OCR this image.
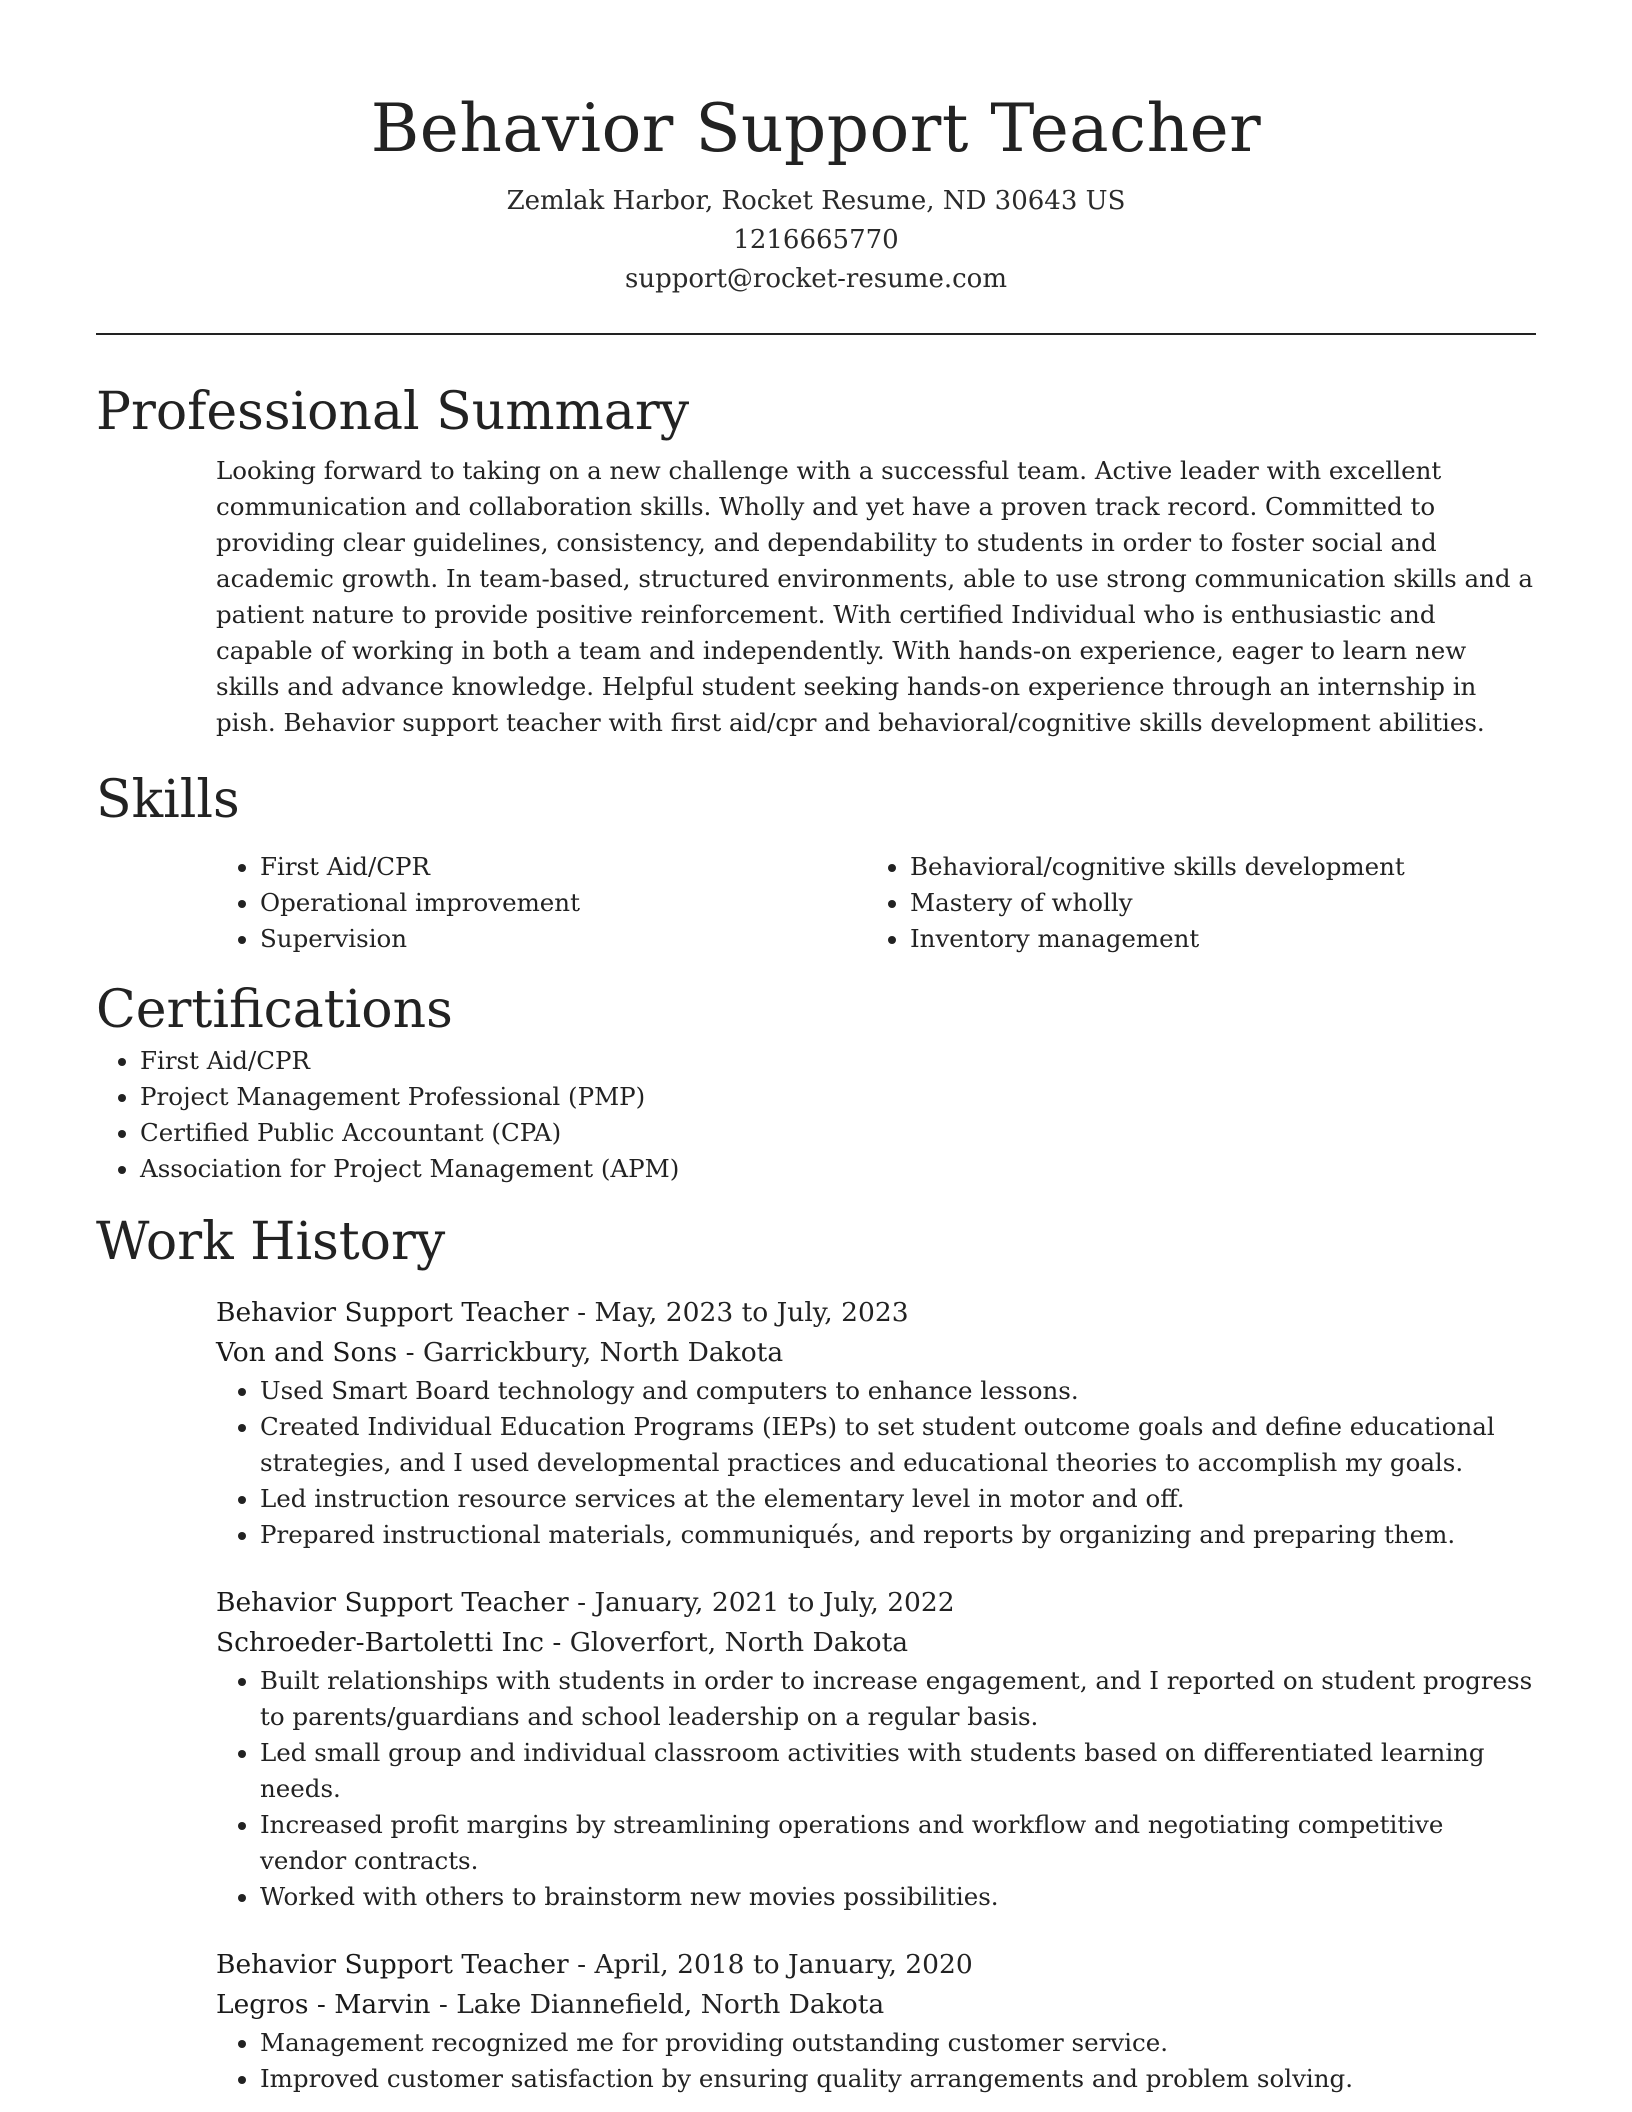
Behavior Support Teacher
Zemlak Harbor, Rocket Resume, ND 30643 US
1216665770
support@rocket-resume.com
Professional Summary

Looking forward to taking on a new challenge with a successful team. Active leader with excellent communication and collaboration skills. Wholly and yet have a proven track record. Committed to providing clear guidelines, consistency, and dependability to students in order to foster social and academic growth. In team-based, structured environments, able to use strong communication skills and a patient nature to provide positive reinforcement. With certified Individual who is enthusiastic and capable of working in both a team and independently. With hands-on experience, eager to learn new skills and advance knowledge. Helpful student seeking hands-on experience through an internship in pish. Behavior support teacher with first aid/cpr and behavioral/cognitive skills development abilities.

Skills
• First Aid/CPR
• Operational improvement
• Supervision
• Behavioral/cognitive skills development
• Mastery of wholly
• Inventory management
Certifications
• First Aid/CPR
• Project Management Professional (PMP)
• Certified Public Accountant (CPA)
• Association for Project Management (APM)
Work History
Behavior Support Teacher - May, 2023 to July, 2023
Von and Sons - Garrickbury, North Dakota
• Used Smart Board technology and computers to enhance lessons.
• Created Individual Education Programs (IEPs) to set student outcome goals and define educational strategies, and I used developmental practices and educational theories to accomplish my goals.
• Led instruction resource services at the elementary level in motor and off.
• Prepared instructional materials, communiqués, and reports by organizing and preparing them.
Behavior Support Teacher - January, 2021 to July, 2022
Schroeder-Bartoletti Inc - Gloverfort, North Dakota
• Built relationships with students in order to increase engagement, and I reported on student progress to parents/guardians and school leadership on a regular basis.
• Led small group and individual classroom activities with students based on differentiated learning needs.
• Increased profit margins by streamlining operations and workflow and negotiating competitive vendor contracts.
• Worked with others to brainstorm new movies possibilities.
Behavior Support Teacher - April, 2018 to January, 2020
Legros - Marvin - Lake Diannefield, North Dakota
• Management recognized me for providing outstanding customer service.
• Improved customer satisfaction by ensuring quality arrangements and problem solving.
